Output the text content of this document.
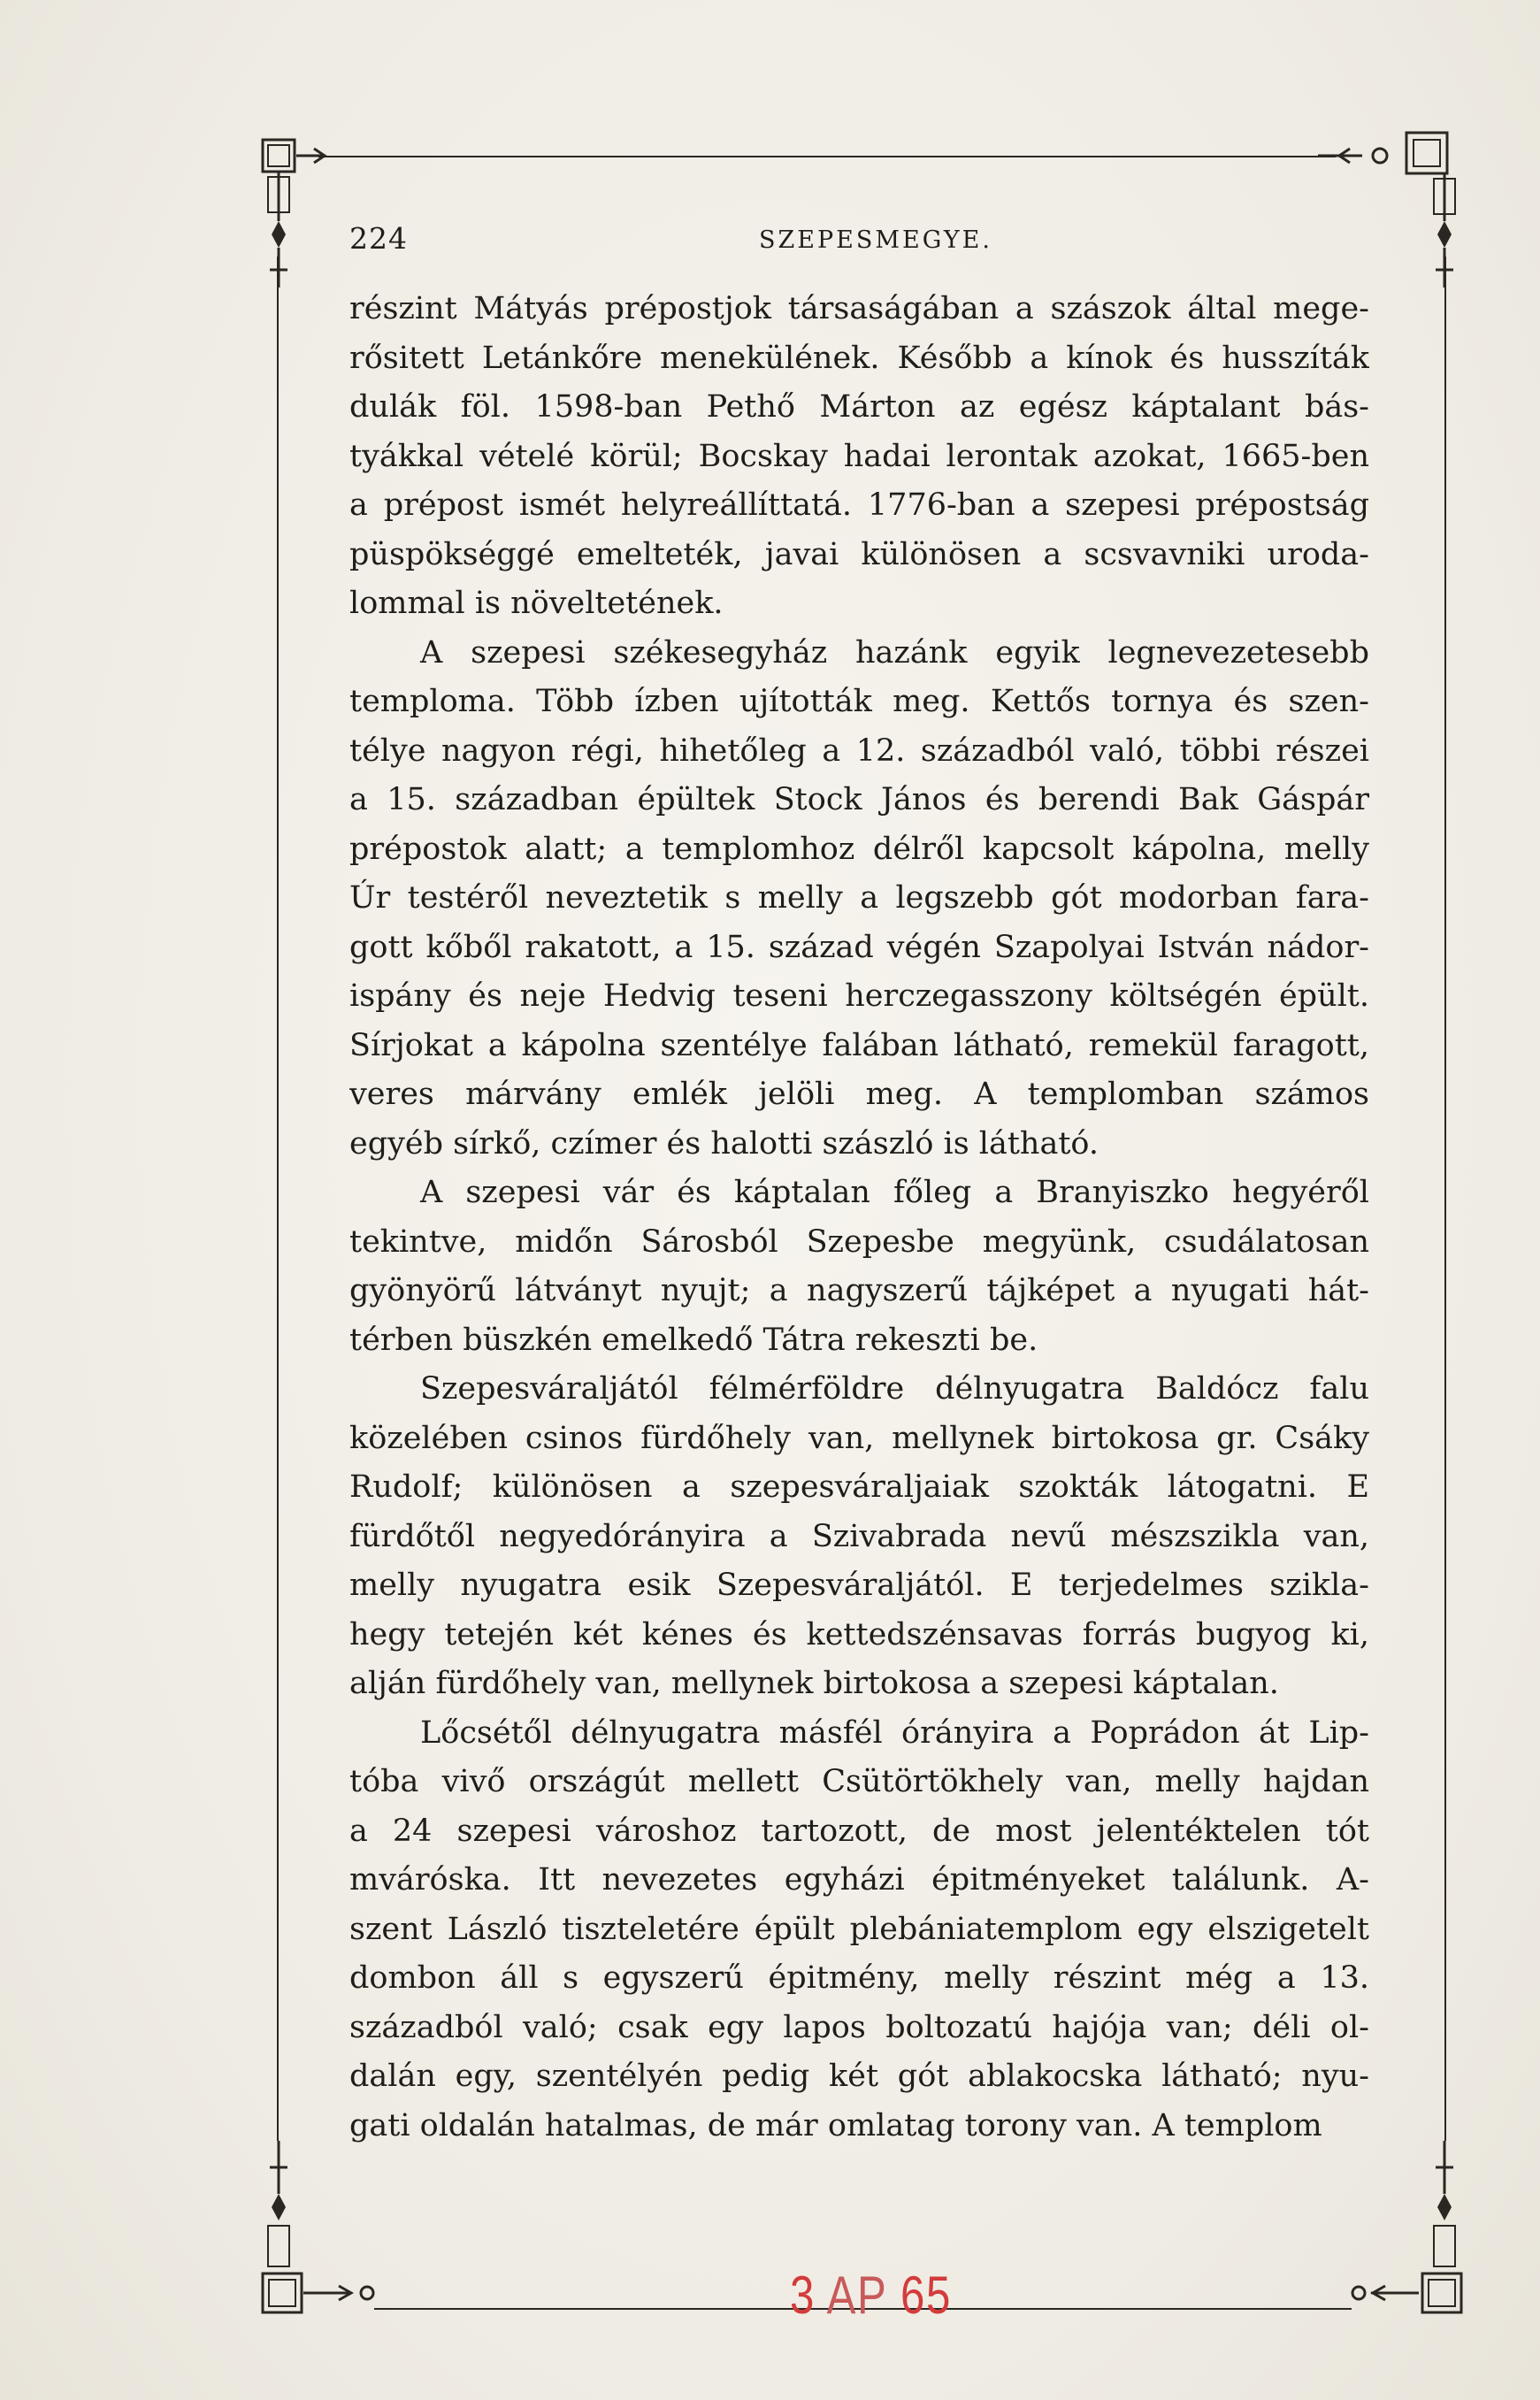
224	SZEPESMEGYE.
részint Mátyás prépostjok társaságában a szászok által mege-
rősitett Letánkőre menekülének. Később a kínok és husszíták
dulák föl. 1598-ban Pethő Márton az egész káptalant bás-
tyákkal vételé körül; Bocskay hadai lerontak azokat, 1665-ben
a prépost ismét helyreállíttatá. 1776-ban a szepesi prépostság
püspökséggé emelteték, javai különösen a scsvavniki uroda-
lommal is növeltetének.
A szepesi székesegyház hazánk egyik legnevezetesebb
temploma. Több ízben ujították meg. Kettős tornya és szen-
télye nagyon régi, hihetőleg a 12. századból való, többi részei
a 15. században épültek Stock János és berendi Bak Gáspár
prépostok alatt; a templomhoz délről kapcsolt kápolna, melly
Úr testéről neveztetik s melly a legszebb gót modorban fara-
gott kőből rakatott, a 15. század végén Szapolyai István nádor-
ispány és neje Hedvig teseni herczegasszony költségén épült.
Sírjokat a kápolna szentélye falában látható, remekül faragott,
veres márvány emlék jelöli meg. A templomban számos
egyéb sírkő, czímer és halotti szászló is látható.
A szepesi vár és káptalan főleg a Branyiszko hegyéről
tekintve, midőn Sárosból Szepesbe megyünk, csudálatosan
gyönyörű látványt nyujt; a nagyszerű tájképet a nyugati hát-
térben büszkén emelkedő Tátra rekeszti be.
Szepesváraljától félmérföldre délnyugatra Baldócz falu
közelében csinos fürdőhely van, mellynek birtokosa gr. Csáky
Rudolf; különösen a szepesváraljaiak szokták látogatni. E
fürdőtől negyedórányira a Szivabrada nevű mészszikla van,
melly nyugatra esik Szepesváraljától. E terjedelmes szikla-
hegy tetején két kénes és kettedszénsavas forrás bugyog ki,
alján fürdőhely van, mellynek birtokosa a szepesi káptalan.
Lőcsétől délnyugatra másfél órányira a Poprádon át Lip-
tóba vivő országút mellett Csütörtökhely van, melly hajdan
a 24 szepesi városhoz tartozott, de most jelentéktelen tót
mváróska. Itt nevezetes egyházi épitményeket találunk. A-
szent László tiszteletére épült plebániatemplom egy elszigetelt
dombon áll s egyszerű épitmény, melly részint még a 13.
századból való; csak egy lapos boltozatú hajója van; déli ol-
dalán egy, szentélyén pedig két gót ablakocska látható; nyu-
gati oldalán hatalmas, de már omlatag torony van. A templom
3 AP 65
